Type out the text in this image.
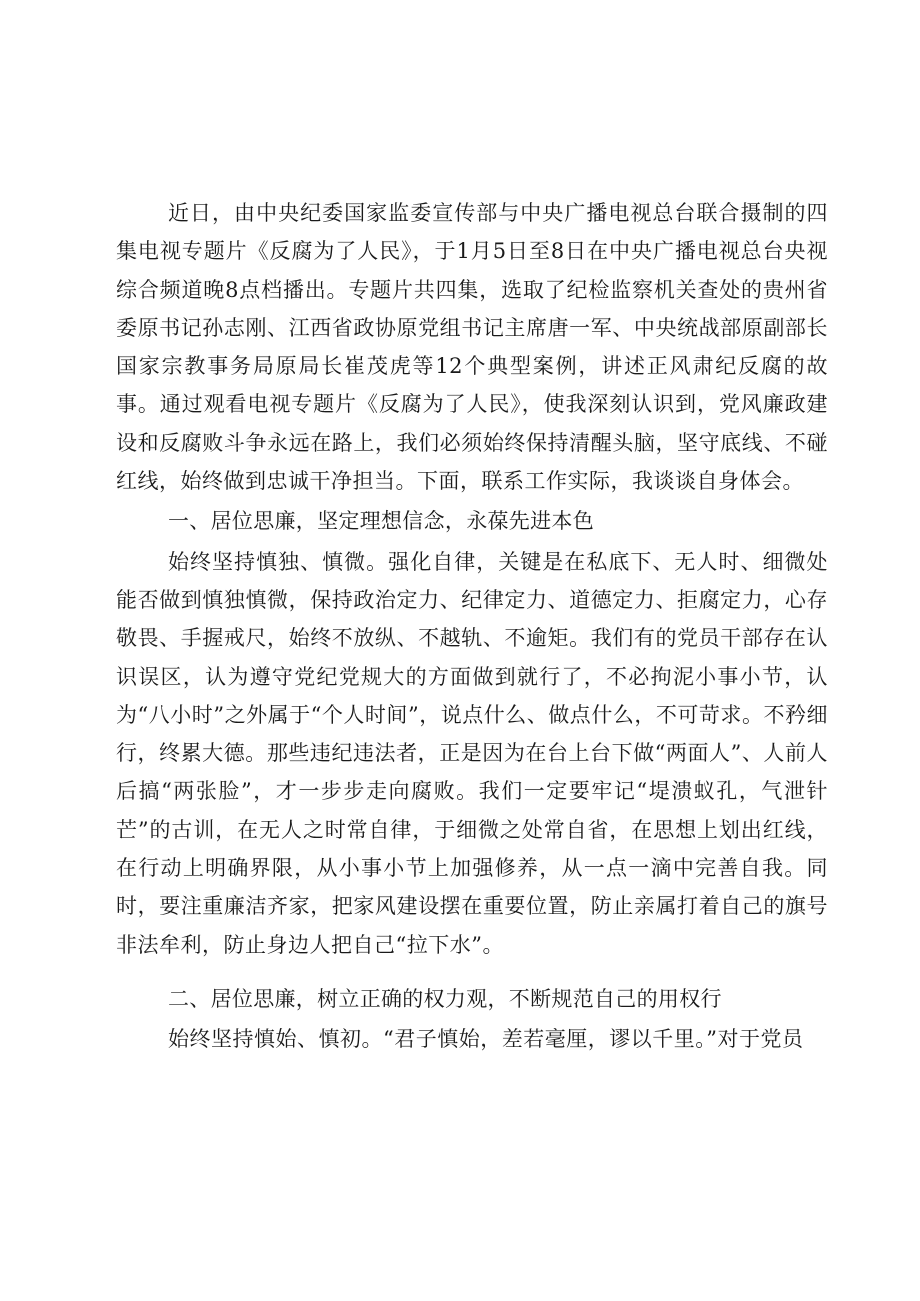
近日，由中央纪委国家监委宣传部与中央广播电视总台联合摄制的四集电视专题片《反腐为了人民》，于1月5日至8日在中央广播电视总台央视综合频道晚8点档播出。专题片共四集，选取了纪检监察机关查处的贵州省委原书记孙志刚、江西省政协原党组书记主席唐一军、中央统战部原副部长国家宗教事务局原局长崔茂虎等12个典型案例，讲述正风肃纪反腐的故事。通过观看电视专题片《反腐为了人民》，使我深刻认识到，党风廉政建设和反腐败斗争永远在路上，我们必须始终保持清醒头脑，坚守底线、不碰红线，始终做到忠诚干净担当。下面，联系工作实际，我谈谈自身体会。

一、居位思廉，坚定理想信念，永葆先进本色

始终坚持慎独、慎微。强化自律，关键是在私底下、无人时、细微处能否做到慎独慎微，保持政治定力、纪律定力、道德定力、拒腐定力，心存敬畏、手握戒尺，始终不放纵、不越轨、不逾矩。我们有的党员干部存在认识误区，认为遵守党纪党规大的方面做到就行了，不必拘泥小事小节，认为“八小时”之外属于“个人时间”，说点什么、做点什么，不可苛求。不矜细行，终累大德。那些违纪违法者，正是因为在台上台下做“两面人”、人前人后搞“两张脸”，才一步步走向腐败。我们一定要牢记“堤溃蚁孔，气泄针芒”的古训，在无人之时常自律，于细微之处常自省，在思想上划出红线，在行动上明确界限，从小事小节上加强修养，从一点一滴中完善自我。同时，要注重廉洁齐家，把家风建设摆在重要位置，防止亲属打着自己的旗号非法牟利，防止身边人把自己“拉下水”。

二、居位思廉，树立正确的权力观，不断规范自己的用权行

始终坚持慎始、慎初。“君子慎始，差若毫厘，谬以千里。”对于党员
